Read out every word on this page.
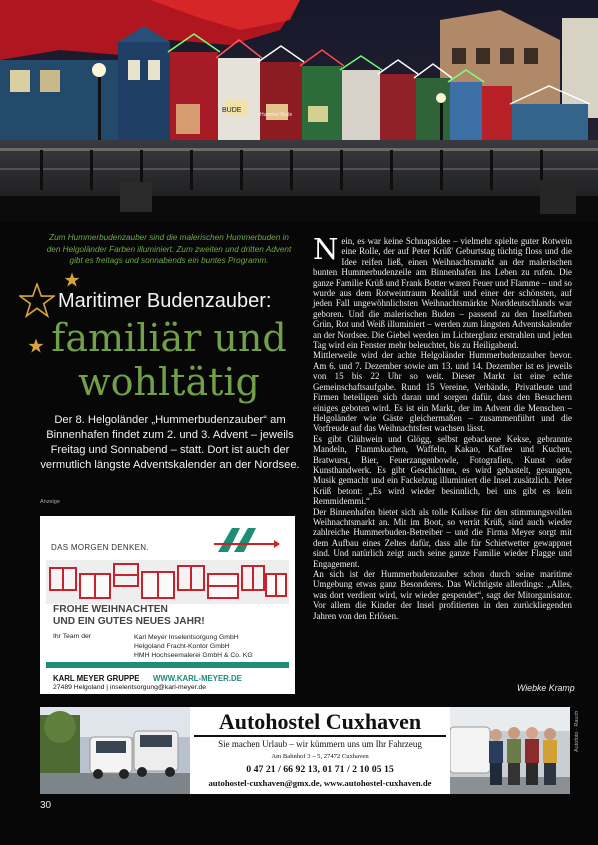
BUDE
Hummer Bude
Zum Hummerbudenzauber sind die malerischen Hummerbuden in den Helgoländer Farben illuminiert. Zum zweiten und dritten Advent gibt es freitags und sonnabends ein buntes Programm.
Maritimer Budenzauber:
familiär und
wohltätig
Der 8. Helgoländer „Hummerbudenzauber“ am Binnenhafen findet zum 2. und 3. Advent – jeweils Freitag und Sonnabend – statt. Dort ist auch der vermutlich längste Adventskalender an der Nordsee.
Anzeige
DAS MORGEN DENKEN.
FROHE WEIHNACHTEN
UND EIN GUTES NEUES JAHR!
Ihr Team der	Karl Meyer Inselentsorgung GmbH
Helgoland Fracht-Kontor GmbH
HMH Hochseemalerei GmbH & Co. KG
KARL MEYER GRUPPE WWW.KARL-MEYER.DE
27489 Helgoland | inselentsorgung@karl-meyer.de

Nein, es war keine Schnapsidee – vielmehr spielte guter Rotwein eine Rolle, der auf Peter Krüß' Geburtstag tüchtig floss und die Idee reifen ließ, einen Weihnachtsmarkt an der malerischen bunten Hummerbudenzeile am Binnenhafen ins Leben zu rufen. Die ganze Familie Krüß und Frank Botter waren Feuer und Flamme – und so wurde aus dem Rotweintraum Realität und einer der schönsten, auf jeden Fall ungewöhnlichsten Weihnachtsmärkte Norddeutschlands war geboren. Und die malerischen Buden – passend zu den Inselfarben Grün, Rot und Weiß illuminiert – werden zum längsten Adventskalender an der Nordsee. Die Giebel werden im Lichterglanz erstrahlen und jeden Tag wird ein Fenster mehr beleuchtet, bis zu Heiligabend.

Mittlerweile wird der achte Helgoländer Hummerbudenzauber bevor. Am 6. und 7. Dezember sowie am 13. und 14. Dezember ist es jeweils von 15 bis 22 Uhr so weit. Dieser Markt ist eine echte Gemeinschaftsaufgabe. Rund 15 Vereine, Verbände, Privatleute und Firmen beteiligen sich daran und sorgen dafür, dass den Besuchern einiges geboten wird. Es ist ein Markt, der im Advent die Menschen – Helgoländer wie Gäste gleichermaßen – zusammenführt und die Vorfreude auf das Weihnachtsfest wachsen lässt.

Es gibt Glühwein und Glögg, selbst gebackene Kekse, gebrannte Mandeln, Flammkuchen, Waffeln, Kakao, Kaffee und Kuchen, Bratwurst, Bier, Feuerzangenbowle, Fotografien, Kunst oder Kunsthandwerk. Es gibt Geschichten, es wird gebastelt, gesungen, Musik gemacht und ein Fackelzug illuminiert die Insel zusätzlich. Peter Krüß betont: „Es wird wieder besinnlich, bei uns gibt es kein Remmidemmi.“

Der Binnenhafen bietet sich als tolle Kulisse für den stimmungsvollen Weihnachtsmarkt an. Mit im Boot, so verrät Krüß, sind auch wieder zahlreiche Hummerbuden-Betreiber – und die Firma Meyer sorgt mit dem Aufbau eines Zeltes dafür, dass alle für Schietwetter gewappnet sind. Und natürlich zeigt auch seine ganze Familie wieder Flagge und Engagement.

An sich ist der Hummerbudenzauber schon durch seine maritime Umgebung etwas ganz Besonderes. Das Wichtigste allerdings: „Alles, was dort verdient wird, wir wieder gespendet“, sagt der Mitorganisator. Vor allem die Kinder der Insel profitierten in den zurückliegenden Jahren von den Erlösen.

Wiebke Kramp
Autohostel Cuxhaven
Sie machen Urlaub – wir kümmern uns um Ihr Fahrzeug
Am Bahnhof 3 – 5, 27472 Cuxhaven
0 47 21 / 66 92 13, 01 71 / 2 10 05 15
autohostel-cuxhaven@gmx.de, www.autohostel-cuxhaven.de
Autofoto · Rauch
30
